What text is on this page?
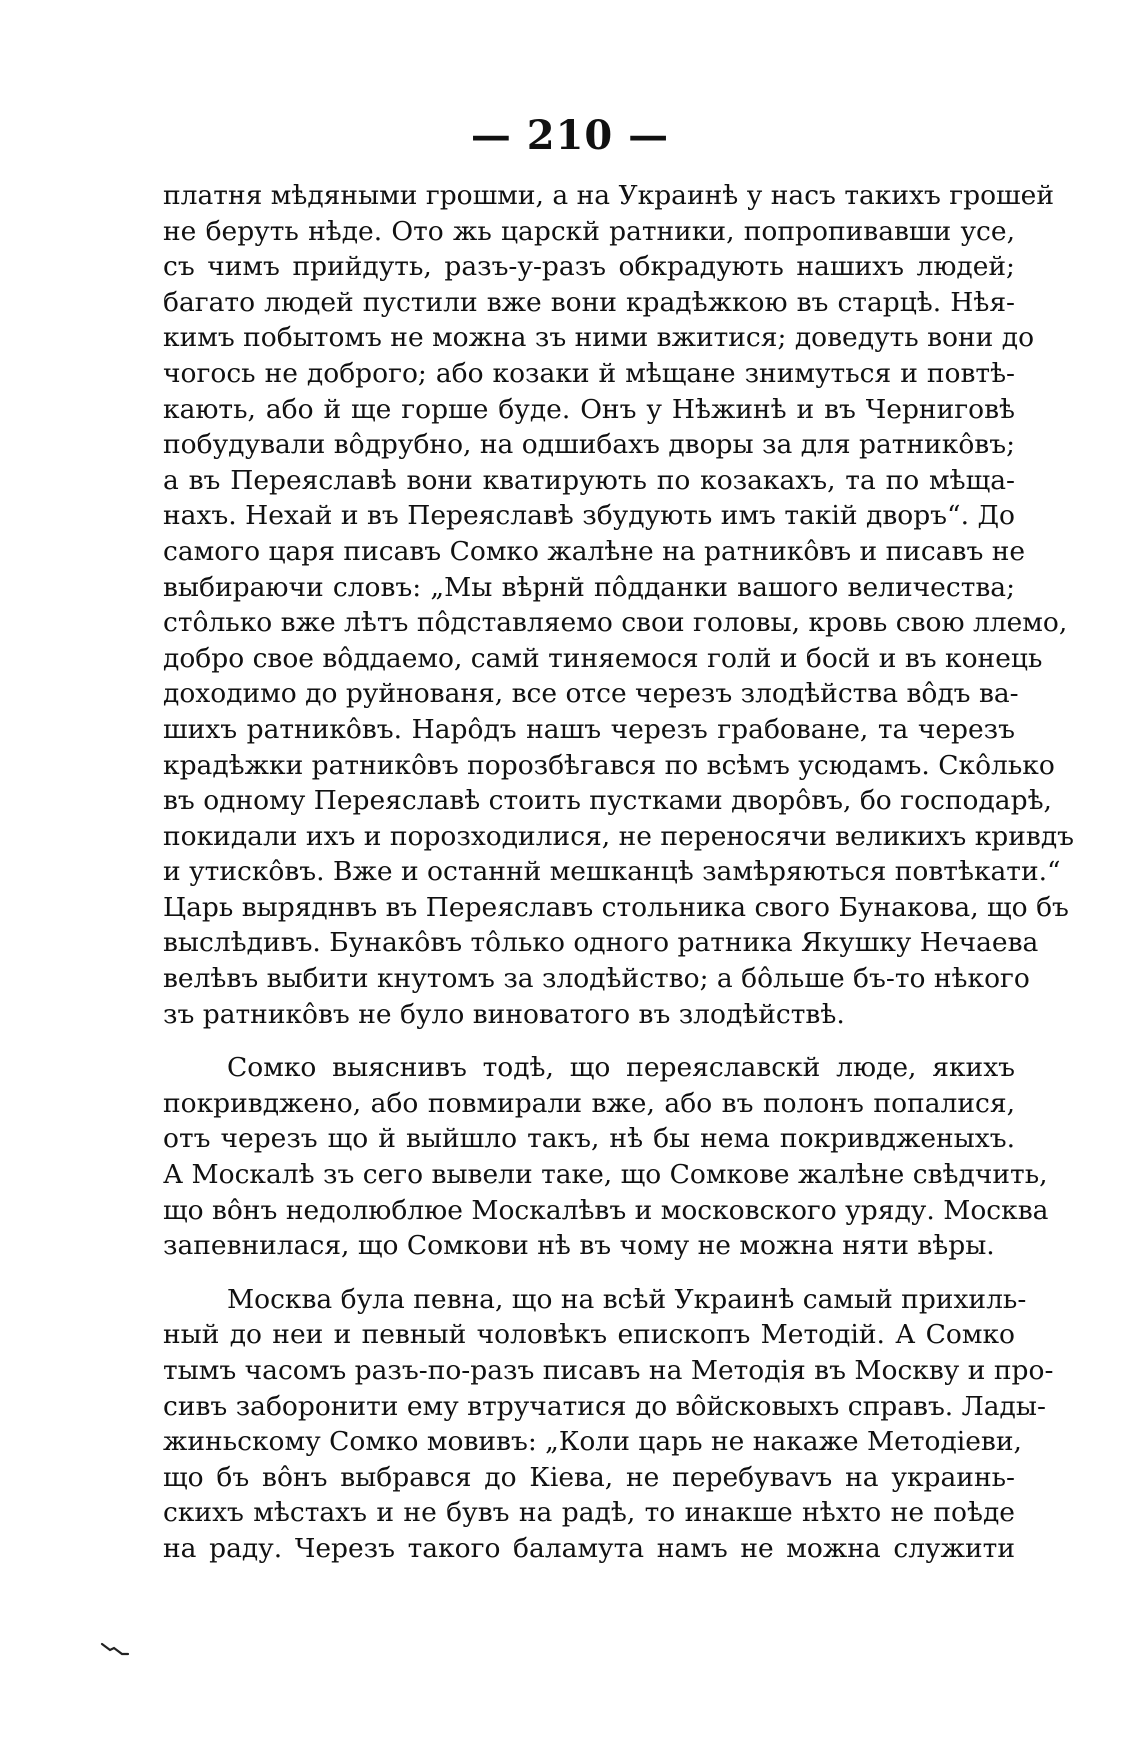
— 210 —
платня мѣдяными грошми, а на Украинѣ у насъ такихъ грошей
не беруть нѣде. Ото жь царскй ратники, попропивавши усе,
съ чимъ прийдуть, разъ-у-разъ обкрадують нашихъ людей;
багато людей пустили вже вони крадѣжкою въ старцѣ. Нѣя-
кимъ побытомъ не можна зъ ними вжитися; доведуть вони до
чогось не доброго; або козаки й мѣщане знимуться и повтѣ-
кають, або й ще горше буде. Онъ у Нѣжинѣ и въ Черниговѣ
побудували вôдрубно, на одшибахъ дворы за для ратникôвъ;
а въ Переяславѣ вони кватирують по козакахъ, та по мѣща-
нахъ. Нехай и въ Переяславѣ збудують имъ такій дворъ“. До
самого царя писавъ Сомко жалѣне на ратникôвъ и писавъ не
выбираючи словъ: „Мы вѣрнй пôдданки вашого величества;
стôлько вже лѣтъ пôдставляемо свои головы, кровь свою ллемо,
добро свое вôддаемо, самй тиняемося голй и босй и въ конець
доходимо до руйнованя, все отсе черезъ злодѣйства вôдъ ва-
шихъ ратникôвъ. Нарôдъ нашъ черезъ грабоване, та черезъ
крадѣжки ратникôвъ порозбѣгався по всѣмъ усюдамъ. Скôлько
въ одному Переяславѣ стоить пустками дворôвъ, бо господарѣ,
покидали ихъ и порозходилися, не переносячи великихъ кривдъ
и утискôвъ. Вже и останнй мешканцѣ замѣряються повтѣкати.“
Царь выряднвъ въ Переяславъ стольника свого Бунакова, що бъ
выслѣдивъ. Бунакôвъ тôлько одного ратника Якушку Нечаева
велѣвъ выбити кнутомъ за злодѣйство; а бôльше бъ-то нѣкого
зъ ратникôвъ не було виноватого въ злодѣйствѣ.
Сомко выяснивъ тодѣ, що переяславскй люде, якихъ
покривджено, або повмирали вже, або въ полонъ попалися,
отъ черезъ що й выйшло такъ, нѣ бы нема покривдженыхъ.
А Москалѣ зъ сего вывели таке, що Сомкове жалѣне свѣдчить,
що вôнъ недолюблюе Москалѣвъ и московского уряду. Москва
запевнилася, що Сомкови нѣ въ чому не можна няти вѣры.
Москва була певна, що на всѣй Украинѣ самый прихиль-
ный до неи и певный чоловѣкъ епископъ Методій. А Сомко
тымъ часомъ разъ-по-разъ писавъ на Методія въ Москву и про-
сивъ заборонити ему втручатися до вôйсковыхъ справъ. Лады-
жиньскому Сомко мовивъ: „Коли царь не накаже Методіеви,
що бъ вôнъ выбрався до Кіева, не перебуваvъ на украинь-
скихъ мѣстахъ и не бувъ на радѣ, то инакше нѣхто не поѣде
на раду. Черезъ такого баламута намъ не можна служити
